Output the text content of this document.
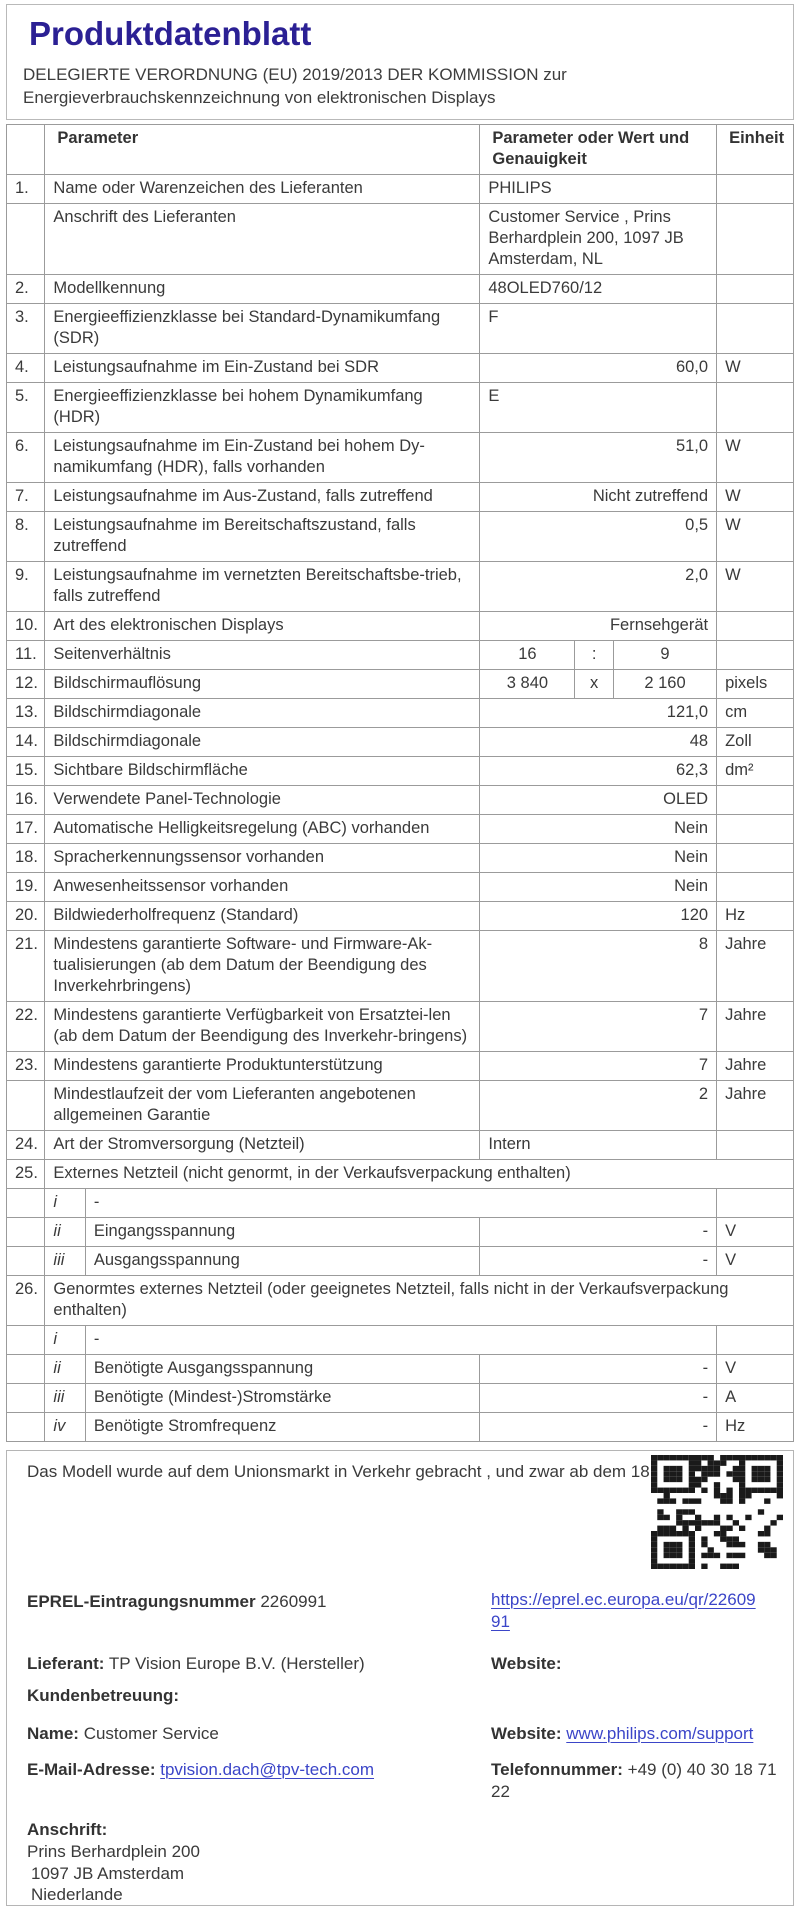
Produktdatenblatt
DELEGIERTE VERORDNUNG (EU) 2019/2013 DER KOMMISSION zur
Energieverbrauchskennzeichnung von elektronischen Displays
	Parameter		Parameter oder Wert und Genauigkeit			Einheit
1.	Name oder Warenzeichen des Lieferanten		PHILIPS			
	Anschrift des Lieferanten		Customer Service , Prins Berhardplein 200, 1097 JB Amsterdam, NL			
2.	Modellkennung		48OLED760/12			
3.	Energieeffizienzklasse bei Standard-Dynamikumfang (SDR)		F			
4.	Leistungsaufnahme im Ein-Zustand bei SDR		60,0			W
5.	Energieeffizienzklasse bei hohem Dynamikumfang (HDR)		E			
6.	Leistungsaufnahme im Ein-Zustand bei hohem Dy-namikumfang (HDR), falls vorhanden		51,0			W
7.	Leistungsaufnahme im Aus-Zustand, falls zutreffend		Nicht zutreffend			W
8.	Leistungsaufnahme im Bereitschaftszustand, falls zutreffend		0,5			W
9.	Leistungsaufnahme im vernetzten Bereitschaftsbe-trieb, falls zutreffend		2,0			W
10.	Art des elektronischen Displays		Fernsehgerät			
11.	Seitenverhältnis		16	:	9	
12.	Bildschirmauflösung		3 840	x	2 160	pixels
13.	Bildschirmdiagonale		121,0			cm
14.	Bildschirmdiagonale		48			Zoll
15.	Sichtbare Bildschirmfläche		62,3			dm²
16.	Verwendete Panel-Technologie		OLED			
17.	Automatische Helligkeitsregelung (ABC) vorhanden		Nein			
18.	Spracherkennungssensor vorhanden		Nein			
19.	Anwesenheitssensor vorhanden		Nein			
20.	Bildwiederholfrequenz (Standard)		120			Hz
21.	Mindestens garantierte Software- und Firmware-Ak-tualisierungen (ab dem Datum der Beendigung des Inverkehrbringens)		8			Jahre
22.	Mindestens garantierte Verfügbarkeit von Ersatztei-len (ab dem Datum der Beendigung des Inverkehr-bringens)		7			Jahre
23.	Mindestens garantierte Produktunterstützung		7			Jahre
	Mindestlaufzeit der vom Lieferanten angebotenen allgemeinen Garantie		2			Jahre
24.	Art der Stromversorgung (Netzteil)		Intern			
25.	Externes Netzteil (nicht genormt, in der Verkaufsverpackung enthalten)					
	i	-				
	ii	Eingangsspannung	-			V
	iii	Ausgangsspannung	-			V
26.	Genormtes externes Netzteil (oder geeignetes Netzteil, falls nicht in der Verkaufsverpackung enthalten)					
	i	-				
	ii	Benötigte Ausgangsspannung	-			V
	iii	Benötigte (Mindest-)Stromstärke	-			A
	iv	Benötigte Stromfrequenz	-			Hz
Das Modell wurde auf dem Unionsmarkt in Verkehr gebracht , und zwar ab dem 18
EPREL-Eintragungsnummer 2260991	https://eprel.ec.europa.eu/qr/2260991
Lieferant: TP Vision Europe B.V. (Hersteller)	Website:
Kundenbetreuung:
Name: Customer Service	Website: www.philips.com/support
E-Mail-Adresse: tpvision.dach@tpv-tech.com	Telefonnummer: +49 (0) 40 30 18 71 22
Anschrift:
Prins Berhardplein 200
1097 JB Amsterdam
Niederlande
